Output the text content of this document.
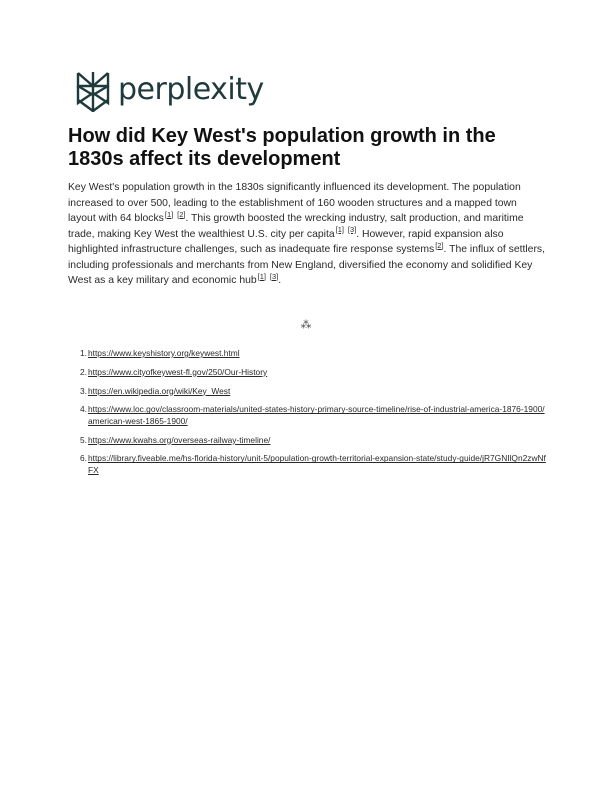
perplexity
How did Key West's population growth in the 1830s affect its development

Key West's population growth in the 1830s significantly influenced its development. The population increased to over 500, leading to the establishment of 160 wooden structures and a mapped town layout with 64 blocks[1] [2]. This growth boosted the wrecking industry, salt production, and maritime trade, making Key West the wealthiest U.S. city per capita[1] [3]. However, rapid expansion also highlighted infrastructure challenges, such as inadequate fire response systems[2]. The influx of settlers, including professionals and merchants from New England, diversified the economy and solidified Key West as a key military and economic hub[1] [3].

⁂
1. https://www.keyshistory.org/keywest.html
2. https://www.cityofkeywest-fl.gov/250/Our-History
3. https://en.wikipedia.org/wiki/Key_West
4. https://www.loc.gov/classroom-materials/united-states-history-primary-source-timeline/rise-of-industrial-america-1876-1900/american-west-1865-1900/
5. https://www.kwahs.org/overseas-railway-timeline/
6. https://library.fiveable.me/hs-florida-history/unit-5/population-growth-territorial-expansion-state/study-guide/jR7GNIlQn2zwNfFX
